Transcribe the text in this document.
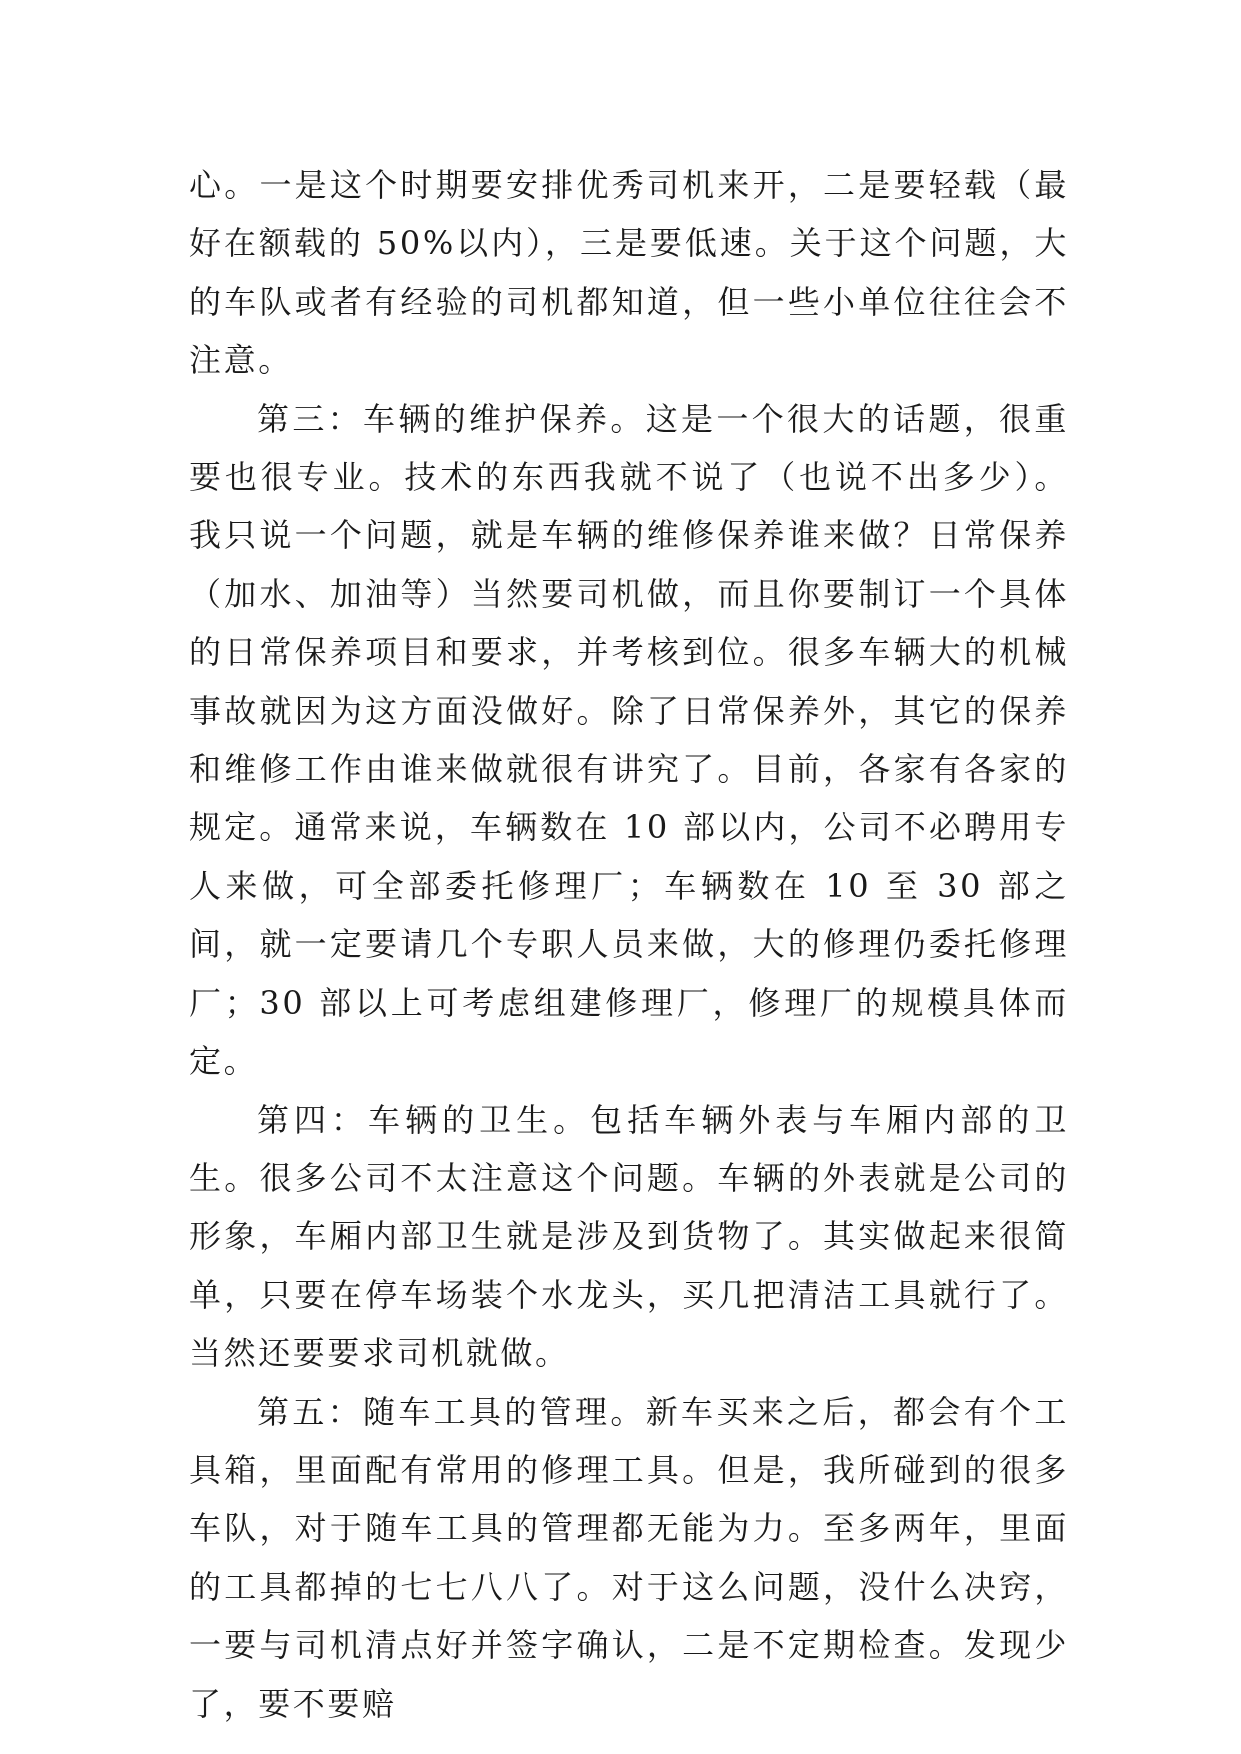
心。一是这个时期要安排优秀司机来开，二是要轻载（最好在额载的 50%以内），三是要低速。关于这个问题，大的车队或者有经验的司机都知道，但一些小单位往往会不注意。

第三：车辆的维护保养。这是一个很大的话题，很重要也很专业。技术的东西我就不说了（也说不出多少）。我只说一个问题，就是车辆的维修保养谁来做？日常保养（加水、加油等）当然要司机做，而且你要制订一个具体的日常保养项目和要求，并考核到位。很多车辆大的机械事故就因为这方面没做好。除了日常保养外，其它的保养和维修工作由谁来做就很有讲究了。目前，各家有各家的规定。通常来说，车辆数在 10 部以内，公司不必聘用专人来做，可全部委托修理厂；车辆数在 10 至 30 部之间，就一定要请几个专职人员来做，大的修理仍委托修理厂；30 部以上可考虑组建修理厂，修理厂的规模具体而定。

第四：车辆的卫生。包括车辆外表与车厢内部的卫生。很多公司不太注意这个问题。车辆的外表就是公司的形象，车厢内部卫生就是涉及到货物了。其实做起来很简单，只要在停车场装个水龙头，买几把清洁工具就行了。当然还要要求司机就做。

第五：随车工具的管理。新车买来之后，都会有个工具箱，里面配有常用的修理工具。但是，我所碰到的很多车队，对于随车工具的管理都无能为力。至多两年，里面的工具都掉的七七八八了。对于这么问题，没什么决窍，一要与司机清点好并签字确认，二是不定期检查。发现少了，要不要赔
